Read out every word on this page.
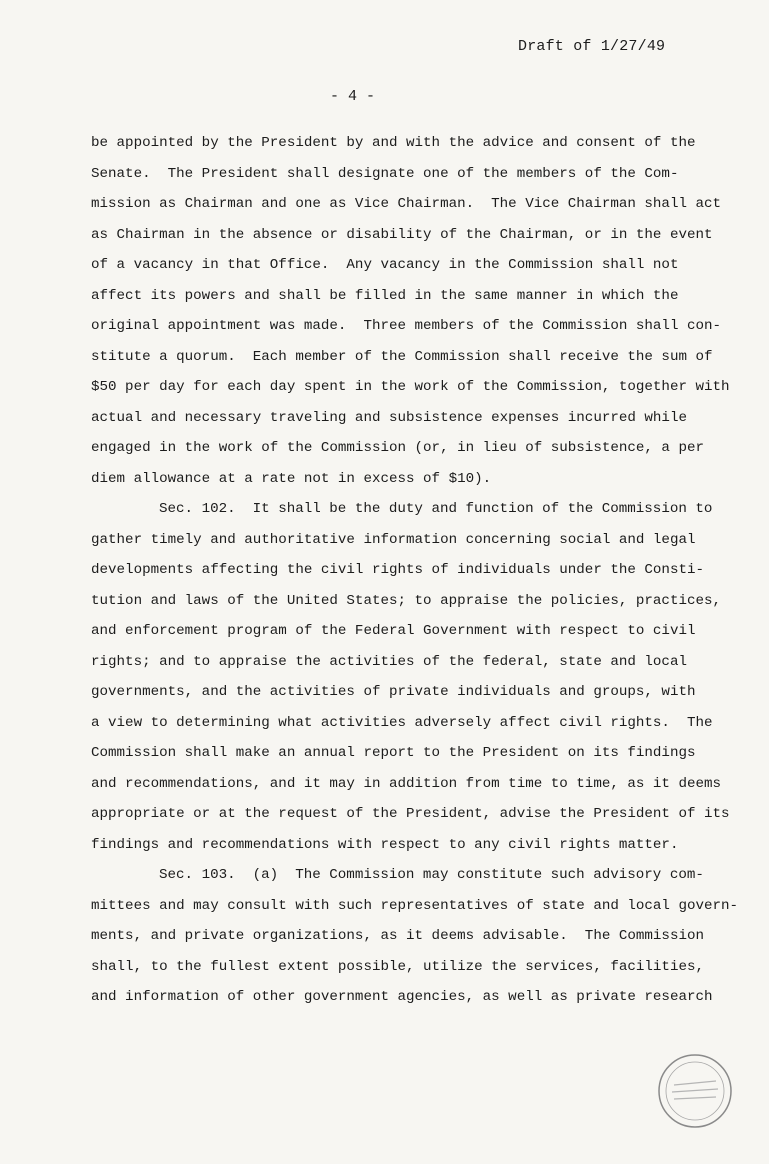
Draft of 1/27/49
- 4 -
be appointed by the President by and with the advice and consent of the
Senate.  The President shall designate one of the members of the Com-
mission as Chairman and one as Vice Chairman.  The Vice Chairman shall act
as Chairman in the absence or disability of the Chairman, or in the event
of a vacancy in that Office.  Any vacancy in the Commission shall not
affect its powers and shall be filled in the same manner in which the
original appointment was made.  Three members of the Commission shall con-
stitute a quorum.  Each member of the Commission shall receive the sum of
$50 per day for each day spent in the work of the Commission, together with
actual and necessary traveling and subsistence expenses incurred while
engaged in the work of the Commission (or, in lieu of subsistence, a per
diem allowance at a rate not in excess of $10).
Sec. 102.  It shall be the duty and function of the Commission to
gather timely and authoritative information concerning social and legal
developments affecting the civil rights of individuals under the Consti-
tution and laws of the United States; to appraise the policies, practices,
and enforcement program of the Federal Government with respect to civil
rights; and to appraise the activities of the federal, state and local
governments, and the activities of private individuals and groups, with
a view to determining what activities adversely affect civil rights.  The
Commission shall make an annual report to the President on its findings
and recommendations, and it may in addition from time to time, as it deems
appropriate or at the request of the President, advise the President of its
findings and recommendations with respect to any civil rights matter.
Sec. 103.  (a)  The Commission may constitute such advisory com-
mittees and may consult with such representatives of state and local govern-
ments, and private organizations, as it deems advisable.  The Commission
shall, to the fullest extent possible, utilize the services, facilities,
and information of other government agencies, as well as private research
